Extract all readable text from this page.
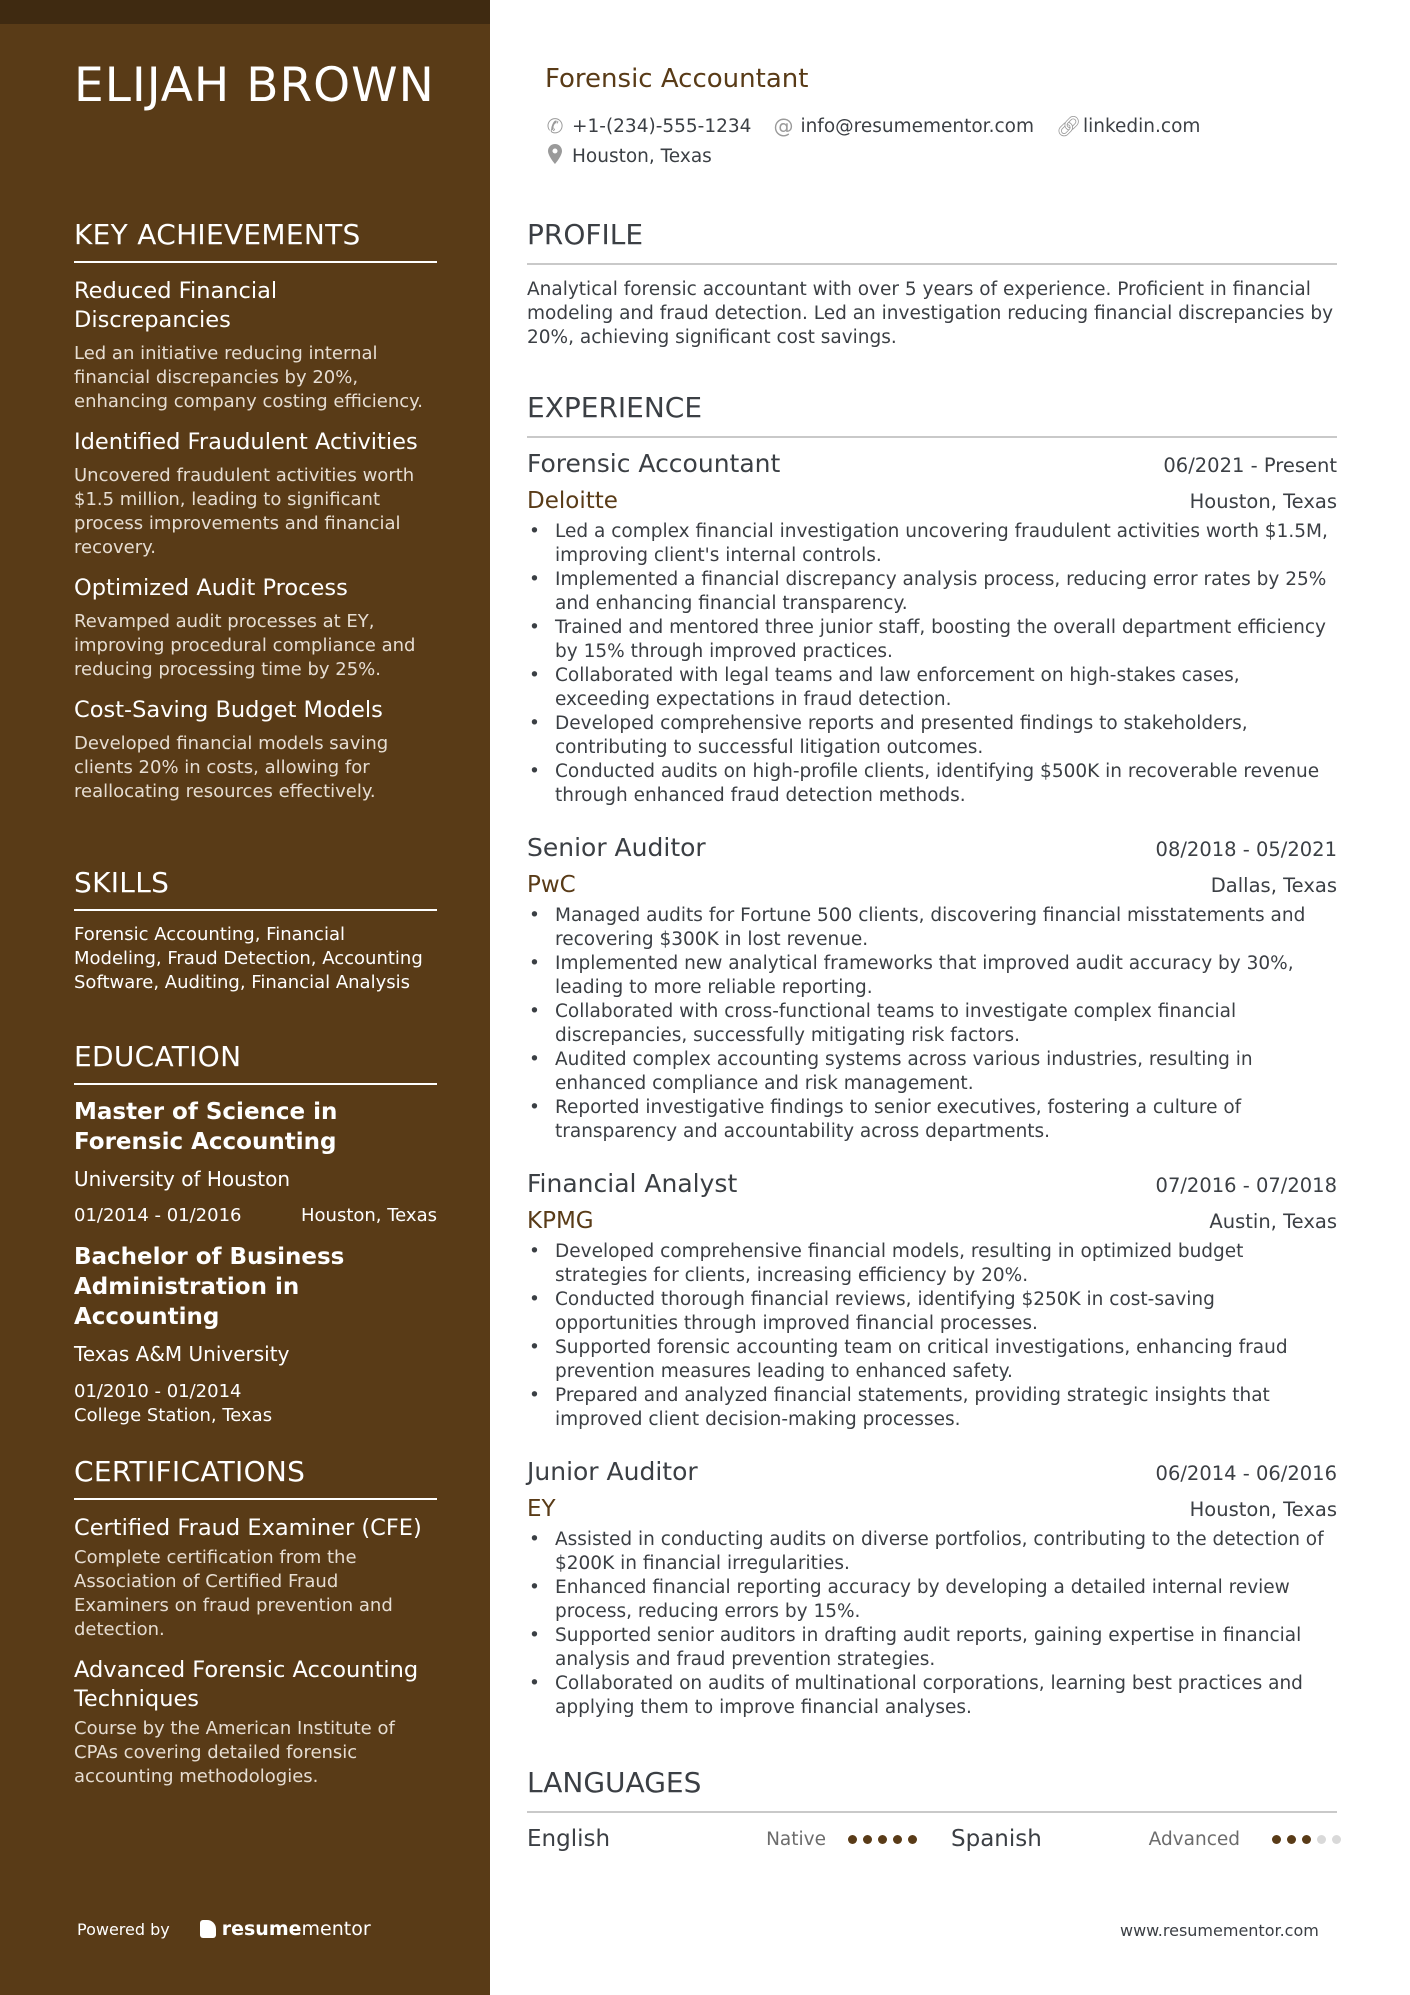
ELIJAH BROWN
KEY ACHIEVEMENTS
Reduced Financial Discrepancies
Led an initiative reducing internal financial discrepancies by 20%, enhancing company costing efficiency.
Identified Fraudulent Activities
Uncovered fraudulent activities worth $1.5 million, leading to significant process improvements and financial recovery.
Optimized Audit Process
Revamped audit processes at EY, improving procedural compliance and reducing processing time by 25%.
Cost-Saving Budget Models
Developed financial models saving clients 20% in costs, allowing for reallocating resources effectively.
SKILLS
Forensic Accounting, Financial Modeling, Fraud Detection, Accounting Software, Auditing, Financial Analysis
EDUCATION
Master of Science in Forensic Accounting
University of Houston
01/2014 - 01/2016	Houston, Texas
Bachelor of Business Administration in Accounting
Texas A&M University
01/2010 - 01/2014
College Station, Texas
CERTIFICATIONS
Certified Fraud Examiner (CFE)
Complete certification from the Association of Certified Fraud Examiners on fraud prevention and detection.
Advanced Forensic Accounting Techniques
Course by the American Institute of CPAs covering detailed forensic accounting methodologies.
Powered by	resume mentor
Forensic Accountant
✆ +1-(234)-555-1234 @ info@resumementor.com 🔗︎ linkedin.com
Houston, Texas
PROFILE
Analytical forensic accountant with over 5 years of experience. Proficient in financial modeling and fraud detection. Led an investigation reducing financial discrepancies by 20%, achieving significant cost savings.
EXPERIENCE
Forensic Accountant	06/2021 - Present
Deloitte	Houston, Texas
• Led a complex financial investigation uncovering fraudulent activities worth $1.5M, improving client's internal controls.
• Implemented a financial discrepancy analysis process, reducing error rates by 25% and enhancing financial transparency.
• Trained and mentored three junior staff, boosting the overall department efficiency by 15% through improved practices.
• Collaborated with legal teams and law enforcement on high-stakes cases, exceeding expectations in fraud detection.
• Developed comprehensive reports and presented findings to stakeholders, contributing to successful litigation outcomes.
• Conducted audits on high-profile clients, identifying $500K in recoverable revenue through enhanced fraud detection methods.
Senior Auditor	08/2018 - 05/2021
PwC	Dallas, Texas
• Managed audits for Fortune 500 clients, discovering financial misstatements and recovering $300K in lost revenue.
• Implemented new analytical frameworks that improved audit accuracy by 30%, leading to more reliable reporting.
• Collaborated with cross-functional teams to investigate complex financial discrepancies, successfully mitigating risk factors.
• Audited complex accounting systems across various industries, resulting in enhanced compliance and risk management.
• Reported investigative findings to senior executives, fostering a culture of transparency and accountability across departments.
Financial Analyst	07/2016 - 07/2018
KPMG	Austin, Texas
• Developed comprehensive financial models, resulting in optimized budget strategies for clients, increasing efficiency by 20%.
• Conducted thorough financial reviews, identifying $250K in cost-saving opportunities through improved financial processes.
• Supported forensic accounting team on critical investigations, enhancing fraud prevention measures leading to enhanced safety.
• Prepared and analyzed financial statements, providing strategic insights that improved client decision-making processes.
Junior Auditor	06/2014 - 06/2016
EY	Houston, Texas
• Assisted in conducting audits on diverse portfolios, contributing to the detection of $200K in financial irregularities.
• Enhanced financial reporting accuracy by developing a detailed internal review process, reducing errors by 15%.
• Supported senior auditors in drafting audit reports, gaining expertise in financial analysis and fraud prevention strategies.
• Collaborated on audits of multinational corporations, learning best practices and applying them to improve financial analyses.
LANGUAGES
English	Native	Spanish	Advanced
www.resumementor.com
